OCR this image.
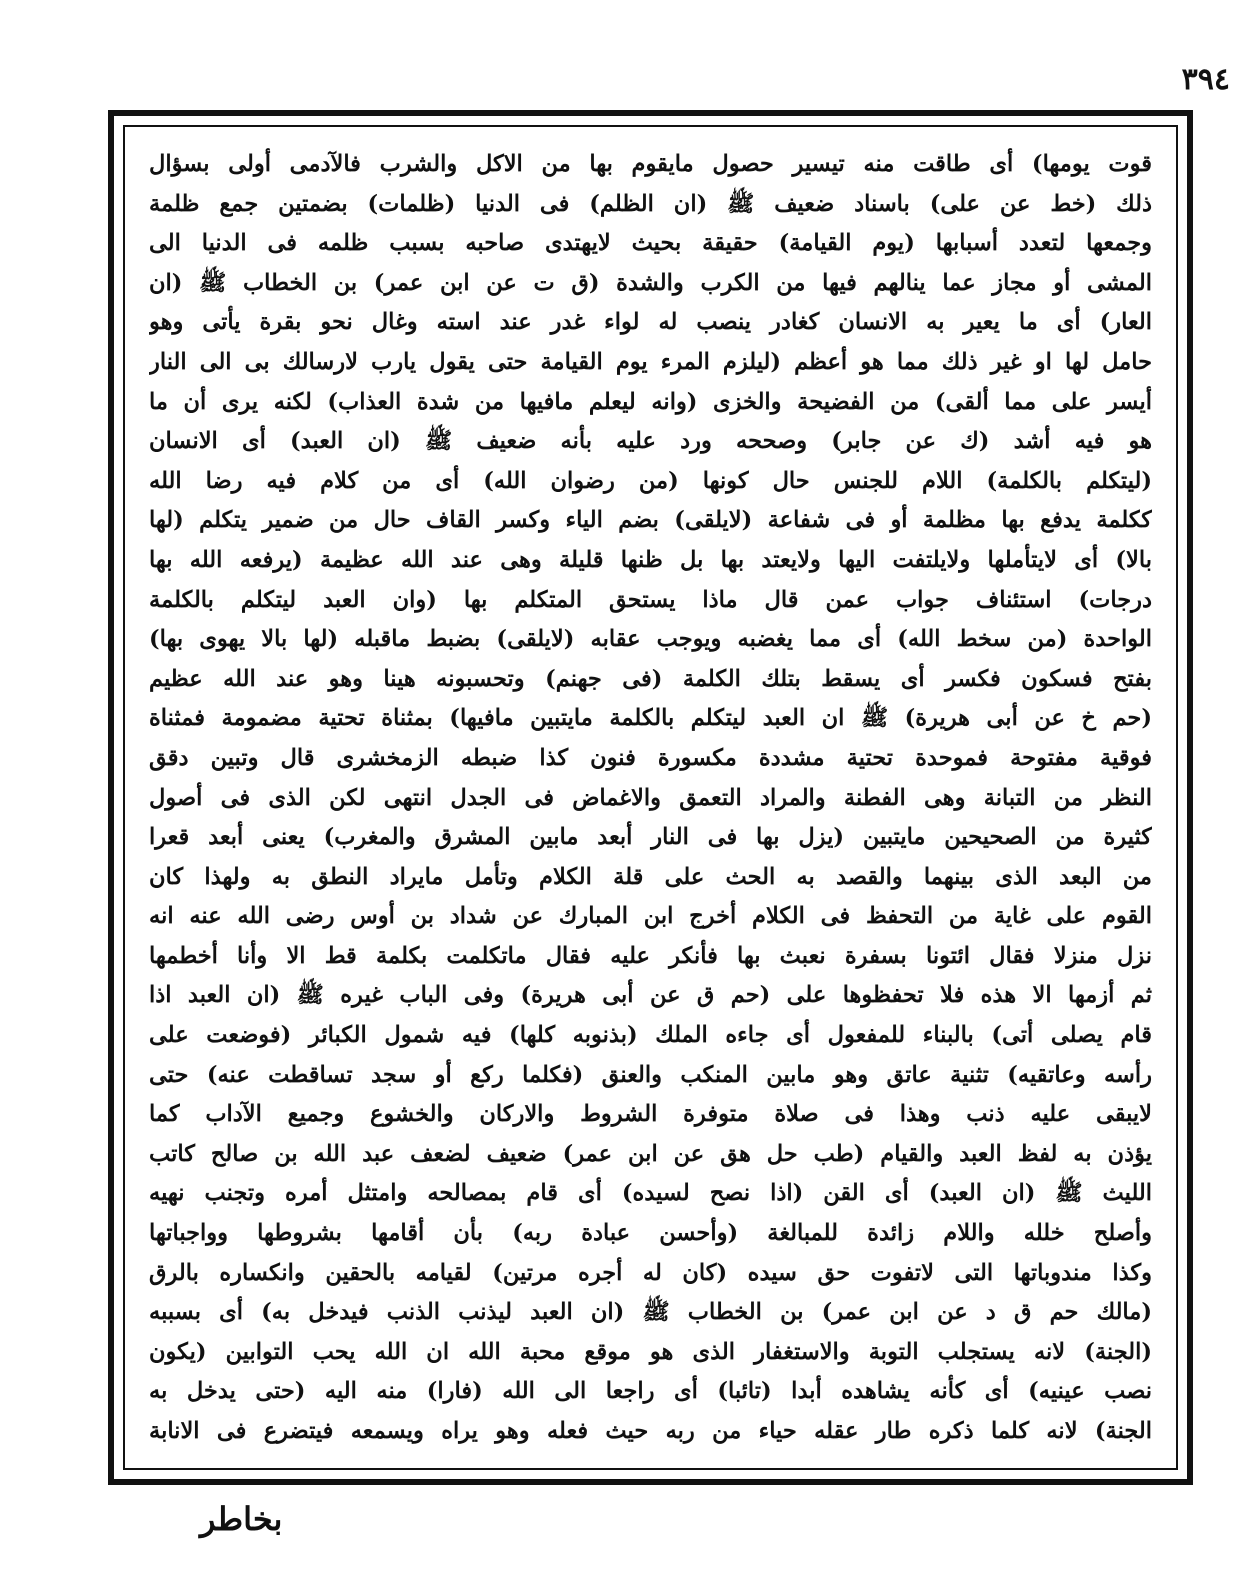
٣٩٤
قوت يومها) أى طاقت منه تيسير حصول مايقوم بها من الاكل والشرب فالآدمى أولى بسؤال
ذلك (خط عن على) باسناد ضعيف ﷺ (ان الظلم) فى الدنيا (ظلمات) بضمتين جمع ظلمة
وجمعها لتعدد أسبابها (يوم القيامة) حقيقة بحيث لايهتدى صاحبه بسبب ظلمه فى الدنيا الى
المشى أو مجاز عما ينالهم فيها من الكرب والشدة (ق ت عن ابن عمر) بن الخطاب ﷺ (ان
العار) أى ما يعير به الانسان كغادر ينصب له لواء غدر عند استه وغال نحو بقرة يأتى وهو
حامل لها او غير ذلك مما هو أعظم (ليلزم المرء يوم القيامة حتى يقول يارب لارسالك بى الى النار
أيسر على مما ألقى) من الفضيحة والخزى (وانه ليعلم مافيها من شدة العذاب) لكنه يرى أن ما
هو فيه أشد (ك عن جابر) وصححه ورد عليه بأنه ضعيف ﷺ (ان العبد) أى الانسان
(ليتكلم بالكلمة) اللام للجنس حال كونها (من رضوان الله) أى من كلام فيه رضا الله
ككلمة يدفع بها مظلمة أو فى شفاعة (لايلقى) بضم الياء وكسر القاف حال من ضمير يتكلم (لها
بالا) أى لايتأملها ولايلتفت اليها ولايعتد بها بل ظنها قليلة وهى عند الله عظيمة (يرفعه الله بها
درجات) استئناف جواب عمن قال ماذا يستحق المتكلم بها (وان العبد ليتكلم بالكلمة
الواحدة (من سخط الله) أى مما يغضبه ويوجب عقابه (لايلقى) بضبط ماقبله (لها بالا يهوى بها)
بفتح فسكون فكسر أى يسقط بتلك الكلمة (فى جهنم) وتحسبونه هينا وهو عند الله عظيم
(حم خ عن أبى هريرة) ﷺ ان العبد ليتكلم بالكلمة مايتبين مافيها) بمثناة تحتية مضمومة فمثناة
فوقية مفتوحة فموحدة تحتية مشددة مكسورة فنون كذا ضبطه الزمخشرى قال وتبين دقق
النظر من التبانة وهى الفطنة والمراد التعمق والاغماض فى الجدل انتهى لكن الذى فى أصول
كثيرة من الصحيحين مايتبين (يزل بها فى النار أبعد مابين المشرق والمغرب) يعنى أبعد قعرا
من البعد الذى بينهما والقصد به الحث على قلة الكلام وتأمل مايراد النطق به ولهذا كان
القوم على غاية من التحفظ فى الكلام أخرج ابن المبارك عن شداد بن أوس رضى الله عنه انه
نزل منزلا فقال ائتونا بسفرة نعبث بها فأنكر عليه فقال ماتكلمت بكلمة قط الا وأنا أخطمها
ثم أزمها الا هذه فلا تحفظوها على (حم ق عن أبى هريرة) وفى الباب غيره ﷺ (ان العبد اذا
قام يصلى أتى) بالبناء للمفعول أى جاءه الملك (بذنوبه كلها) فيه شمول الكبائر (فوضعت على
رأسه وعاتقيه) تثنية عاتق وهو مابين المنكب والعنق (فكلما ركع أو سجد تساقطت عنه) حتى
لايبقى عليه ذنب وهذا فى صلاة متوفرة الشروط والاركان والخشوع وجميع الآداب كما
يؤذن به لفظ العبد والقيام (طب حل هق عن ابن عمر) ضعيف لضعف عبد الله بن صالح كاتب
الليث ﷺ (ان العبد) أى القن (اذا نصح لسيده) أى قام بمصالحه وامتثل أمره وتجنب نهيه
وأصلح خلله واللام زائدة للمبالغة (وأحسن عبادة ربه) بأن أقامها بشروطها وواجباتها
وكذا مندوباتها التى لاتفوت حق سيده (كان له أجره مرتين) لقيامه بالحقين وانكساره بالرق
(مالك حم ق د عن ابن عمر) بن الخطاب ﷺ (ان العبد ليذنب الذنب فيدخل به) أى بسببه
(الجنة) لانه يستجلب التوبة والاستغفار الذى هو موقع محبة الله ان الله يحب التوابين (يكون
نصب عينيه) أى كأنه يشاهده أبدا (تائبا) أى راجعا الى الله (فارا) منه اليه (حتى يدخل به
الجنة) لانه كلما ذكره طار عقله حياء من ربه حيث فعله وهو يراه ويسمعه فيتضرع فى الانابة
بخاطر
